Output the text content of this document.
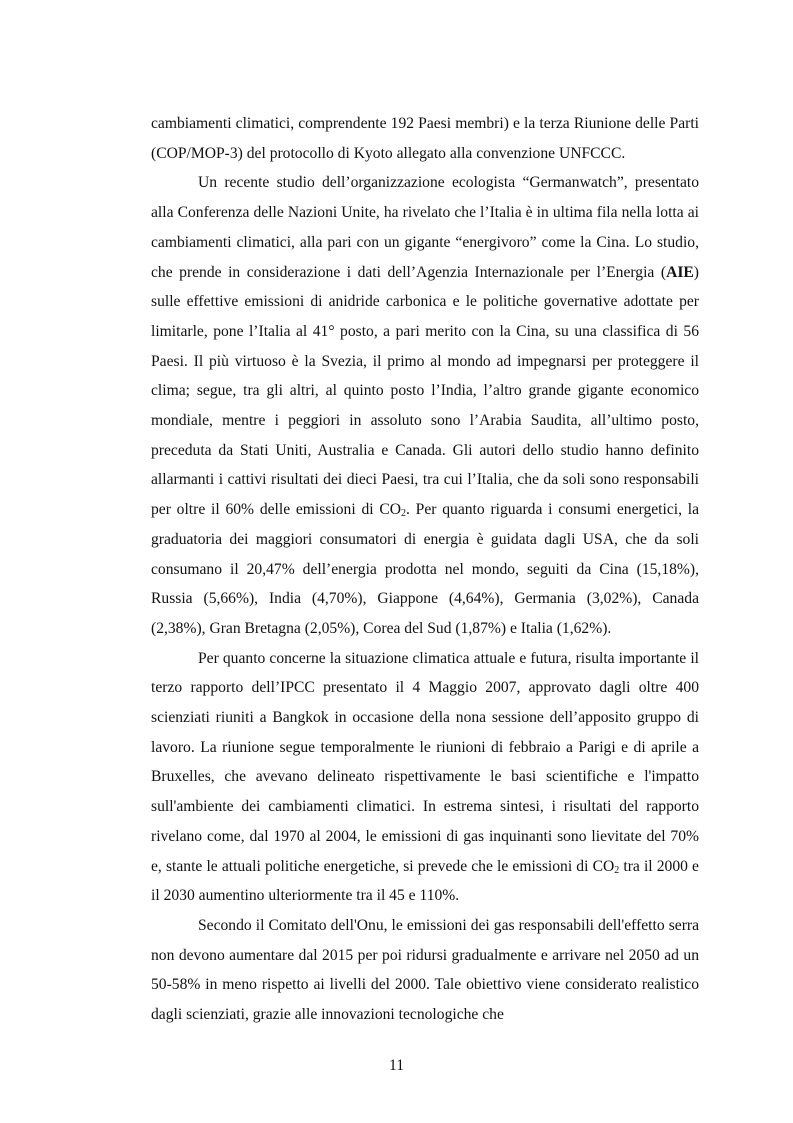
cambiamenti climatici, comprendente 192 Paesi membri) e la terza Riunione delle Parti (COP/MOP-3) del protocollo di Kyoto allegato alla convenzione UNFCCC.

Un recente studio dell’organizzazione ecologista “Germanwatch”, presentato alla Conferenza delle Nazioni Unite, ha rivelato che l’Italia è in ultima fila nella lotta ai cambiamenti climatici, alla pari con un gigante “energivoro” come la Cina. Lo studio, che prende in considerazione i dati dell’Agenzia Internazionale per l’Energia (AIE) sulle effettive emissioni di anidride carbonica e le politiche governative adottate per limitarle, pone l’Italia al 41° posto, a pari merito con la Cina, su una classifica di 56 Paesi. Il più virtuoso è la Svezia, il primo al mondo ad impegnarsi per proteggere il clima; segue, tra gli altri, al quinto posto l’India, l’altro grande gigante economico mondiale, mentre i peggiori in assoluto sono l’Arabia Saudita, all’ultimo posto, preceduta da Stati Uniti, Australia e Canada. Gli autori dello studio hanno definito allarmanti i cattivi risultati dei dieci Paesi, tra cui l’Italia, che da soli sono responsabili per oltre il 60% delle emissioni di $CO_2$. Per quanto riguarda i consumi energetici, la graduatoria dei maggiori consumatori di energia è guidata dagli USA, che da soli consumano il 20,47% dell’energia prodotta nel mondo, seguiti da Cina (15,18%), Russia (5,66%), India (4,70%), Giappone (4,64%), Germania (3,02%), Canada (2,38%), Gran Bretagna (2,05%), Corea del Sud (1,87%) e Italia (1,62%).

Per quanto concerne la situazione climatica attuale e futura, risulta importante il terzo rapporto dell’IPCC presentato il 4 Maggio 2007, approvato dagli oltre 400 scienziati riuniti a Bangkok in occasione della nona sessione dell’apposito gruppo di lavoro. La riunione segue temporalmente le riunioni di febbraio a Parigi e di aprile a Bruxelles, che avevano delineato rispettivamente le basi scientifiche e l'impatto sull'ambiente dei cambiamenti climatici. In estrema sintesi, i risultati del rapporto rivelano come, dal 1970 al 2004, le emissioni di gas inquinanti sono lievitate del 70% e, stante le attuali politiche energetiche, si prevede che le emissioni di $CO_2$ tra il 2000 e il 2030 aumentino ulteriormente tra il 45 e 110%.

Secondo il Comitato dell'Onu, le emissioni dei gas responsabili dell'effetto serra non devono aumentare dal 2015 per poi ridursi gradualmente e arrivare nel 2050 ad un 50-58% in meno rispetto ai livelli del 2000. Tale obiettivo viene considerato realistico dagli scienziati, grazie alle innovazioni tecnologiche che

11
